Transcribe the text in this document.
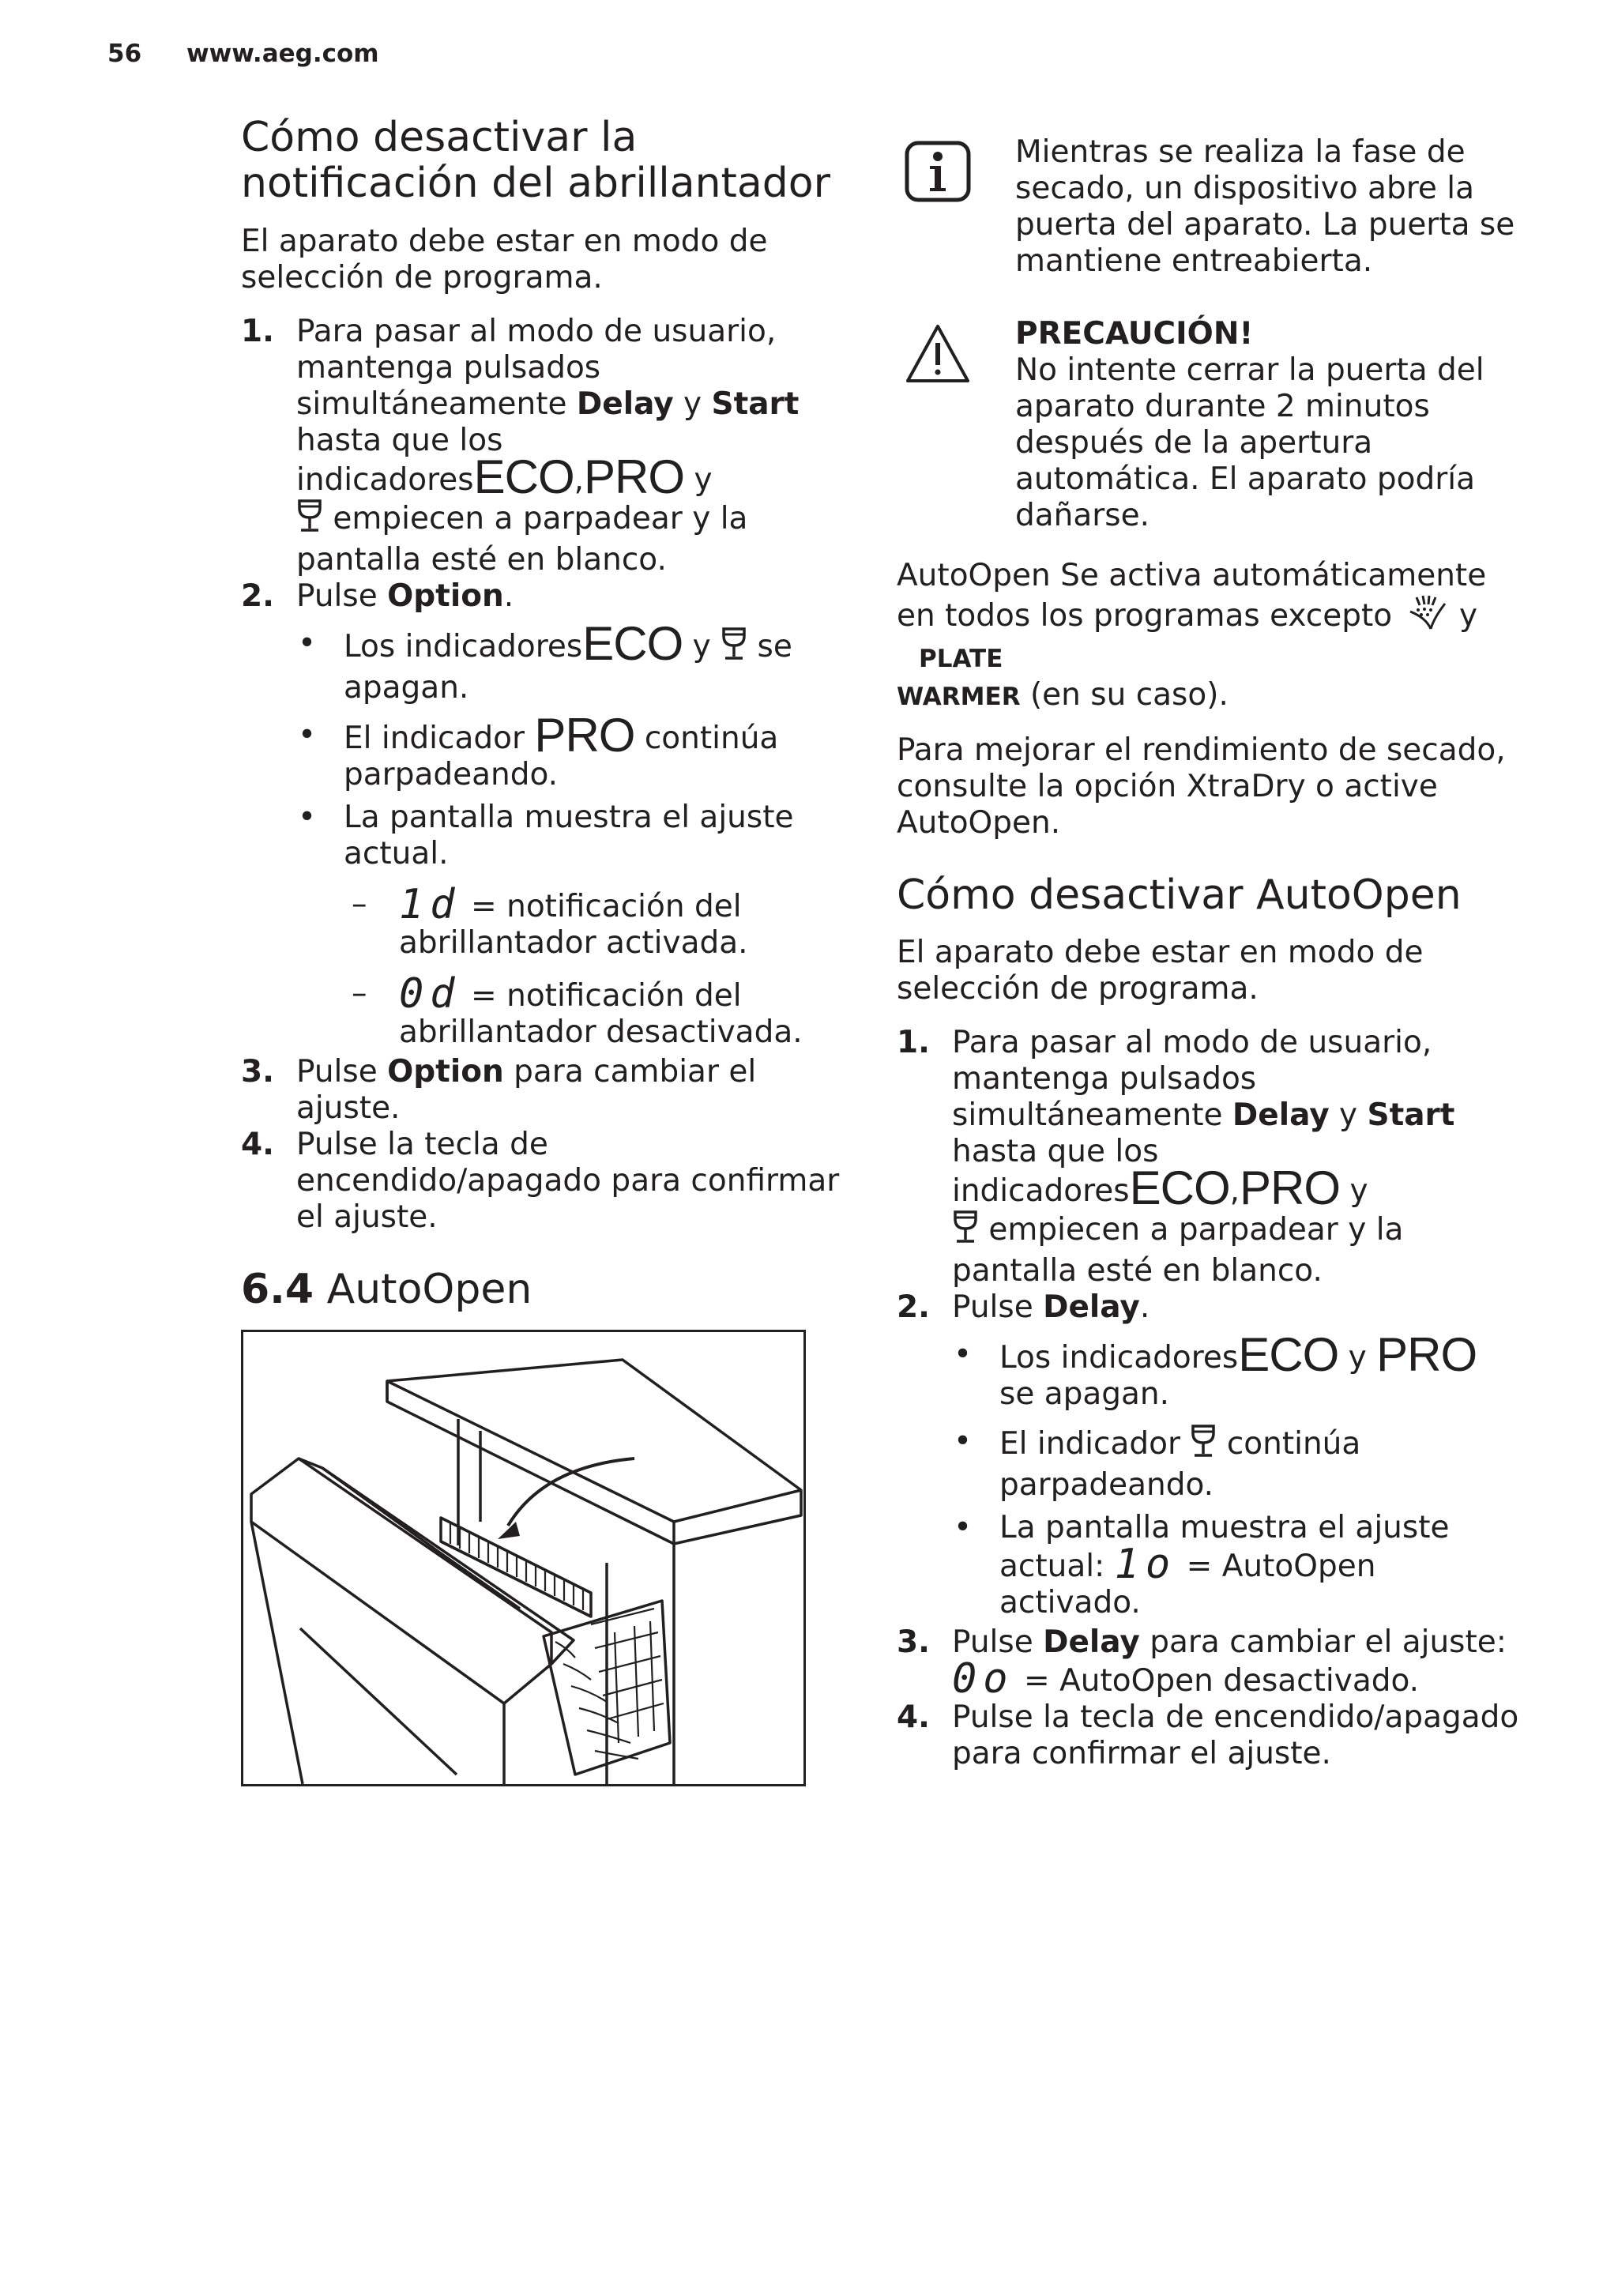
56 www.aeg.com
Cómo desactivar la notificación del abrillantador

El aparato debe estar en modo de selección de programa.

1. Para pasar al modo de usuario, mantenga pulsados simultáneamente Delay y Start hasta que los indicadoresECO,PRO y
empiecen a parpadear y la pantalla esté en blanco.
2. Pulse Option.
• Los indicadoresECO y  se apagan.
• El indicador PRO continúa parpadeando.
• La pantalla muestra el ajuste actual.
– 1d = notificación del abrillantador activada.
– 0d = notificación del abrillantador desactivada.
3. Pulse Option para cambiar el ajuste.
4. Pulse la tecla de encendido/apagado para confirmar el ajuste.
6.4 AutoOpen

Mientras se realiza la fase de secado, un dispositivo abre la puerta del aparato. La puerta se mantiene entreabierta.

PRECAUCIÓN!

No intente cerrar la puerta del aparato durante 2 minutos después de la apertura automática. El aparato podría dañarse.

AutoOpen Se activa automáticamente en todos los programas excepto  y
PLATE
WARMER (en su caso).

Para mejorar el rendimiento de secado, consulte la opción XtraDry o active AutoOpen.

Cómo desactivar AutoOpen

El aparato debe estar en modo de selección de programa.

1. Para pasar al modo de usuario, mantenga pulsados simultáneamente Delay y Start hasta que los indicadoresECO,PRO y
empiecen a parpadear y la pantalla esté en blanco.
2. Pulse Delay.
• Los indicadoresECO y PRO se apagan.
• El indicador  continúa parpadeando.
• La pantalla muestra el ajuste actual: 1o = AutoOpen activado.
3. Pulse Delay para cambiar el ajuste:
0o = AutoOpen desactivado.
4. Pulse la tecla de encendido/apagado para confirmar el ajuste.
